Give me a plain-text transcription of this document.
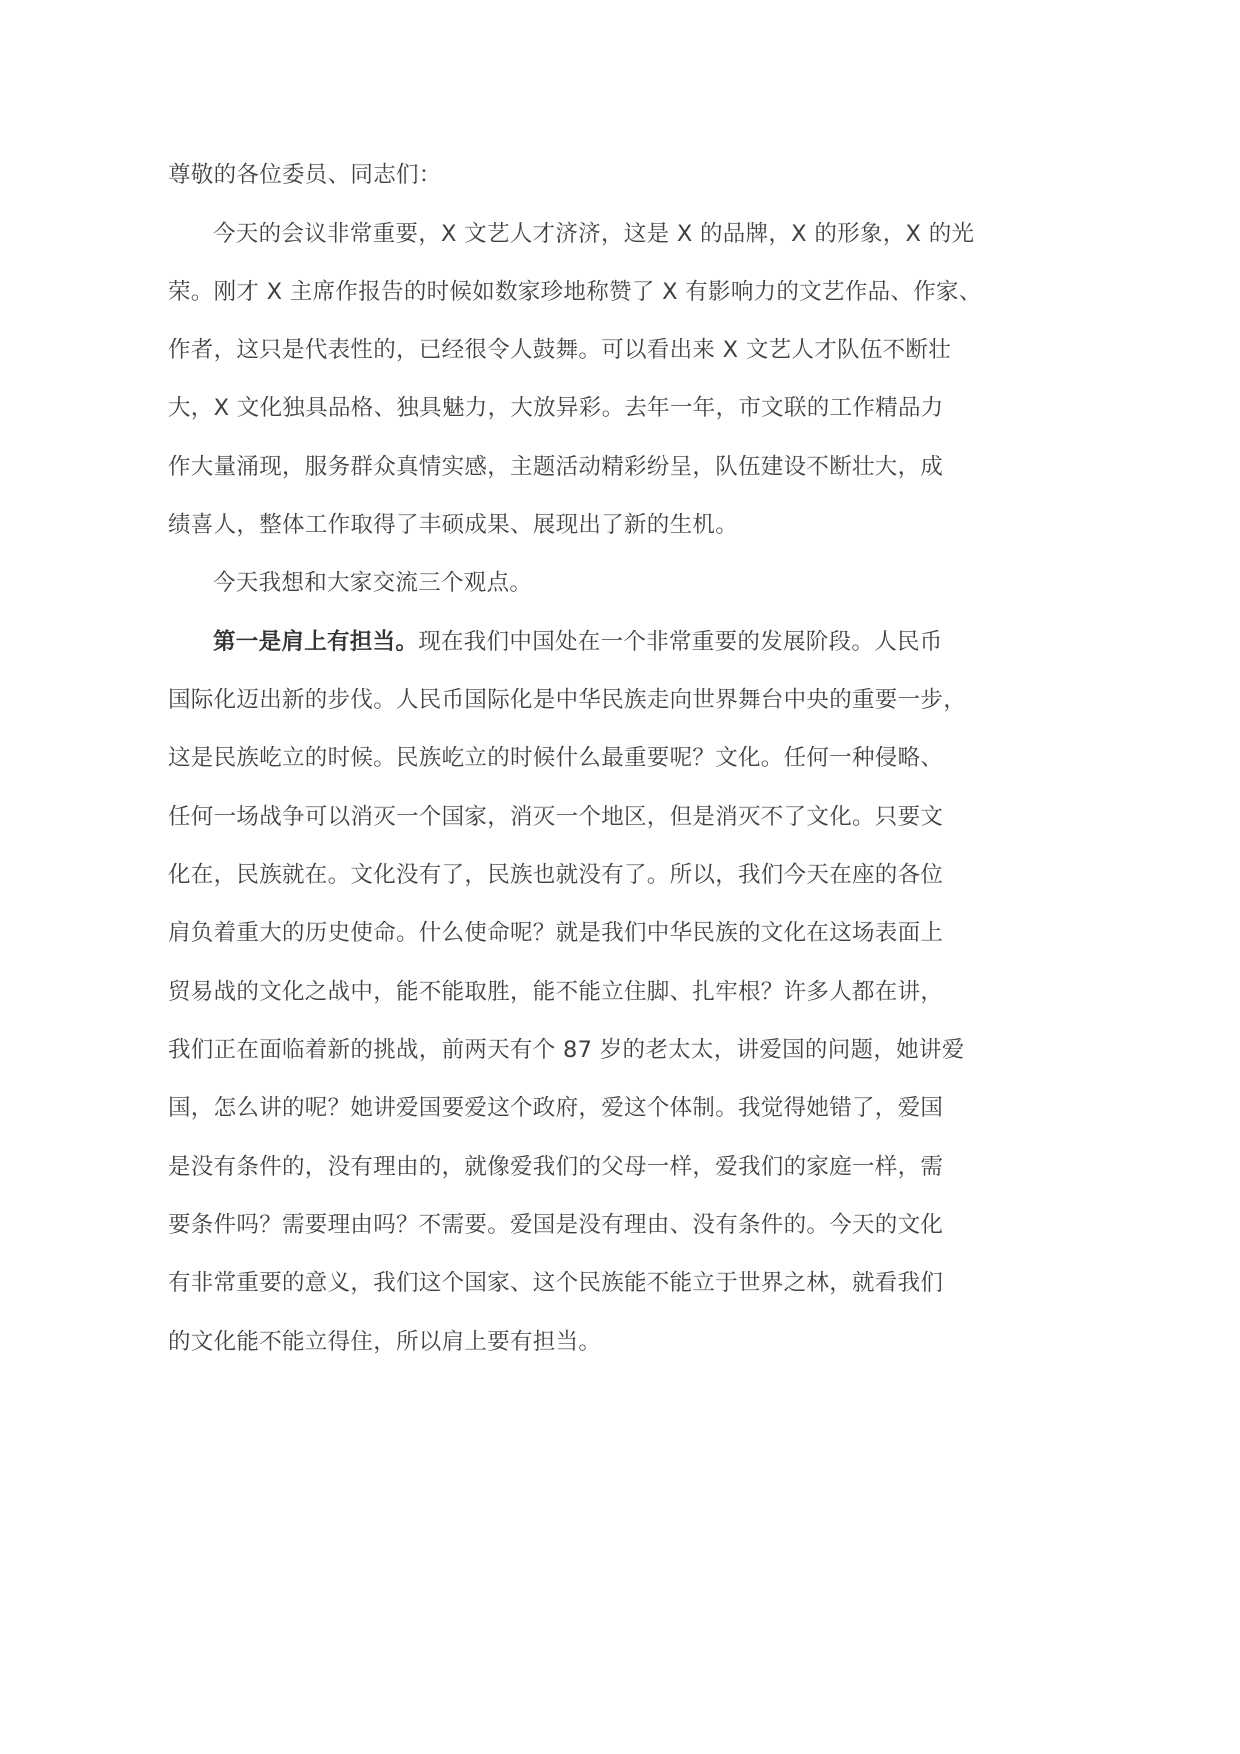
尊敬的各位委员、同志们：
今天的会议非常重要，X 文艺人才济济，这是 X 的品牌，X 的形象，X 的光
荣。刚才 X 主席作报告的时候如数家珍地称赞了 X 有影响力的文艺作品、作家、
作者，这只是代表性的，已经很令人鼓舞。可以看出来 X 文艺人才队伍不断壮
大，X 文化独具品格、独具魅力，大放异彩。去年一年，市文联的工作精品力
作大量涌现，服务群众真情实感，主题活动精彩纷呈，队伍建设不断壮大，成
绩喜人，整体工作取得了丰硕成果、展现出了新的生机。
今天我想和大家交流三个观点。
第一是肩上有担当。现在我们中国处在一个非常重要的发展阶段。人民币
国际化迈出新的步伐。人民币国际化是中华民族走向世界舞台中央的重要一步，
这是民族屹立的时候。民族屹立的时候什么最重要呢？文化。任何一种侵略、
任何一场战争可以消灭一个国家，消灭一个地区，但是消灭不了文化。只要文
化在，民族就在。文化没有了，民族也就没有了。所以，我们今天在座的各位
肩负着重大的历史使命。什么使命呢？就是我们中华民族的文化在这场表面上
贸易战的文化之战中，能不能取胜，能不能立住脚、扎牢根？许多人都在讲，
我们正在面临着新的挑战，前两天有个 87 岁的老太太，讲爱国的问题，她讲爱
国，怎么讲的呢？她讲爱国要爱这个政府，爱这个体制。我觉得她错了，爱国
是没有条件的，没有理由的，就像爱我们的父母一样，爱我们的家庭一样，需
要条件吗？需要理由吗？不需要。爱国是没有理由、没有条件的。今天的文化
有非常重要的意义，我们这个国家、这个民族能不能立于世界之林，就看我们
的文化能不能立得住，所以肩上要有担当。
